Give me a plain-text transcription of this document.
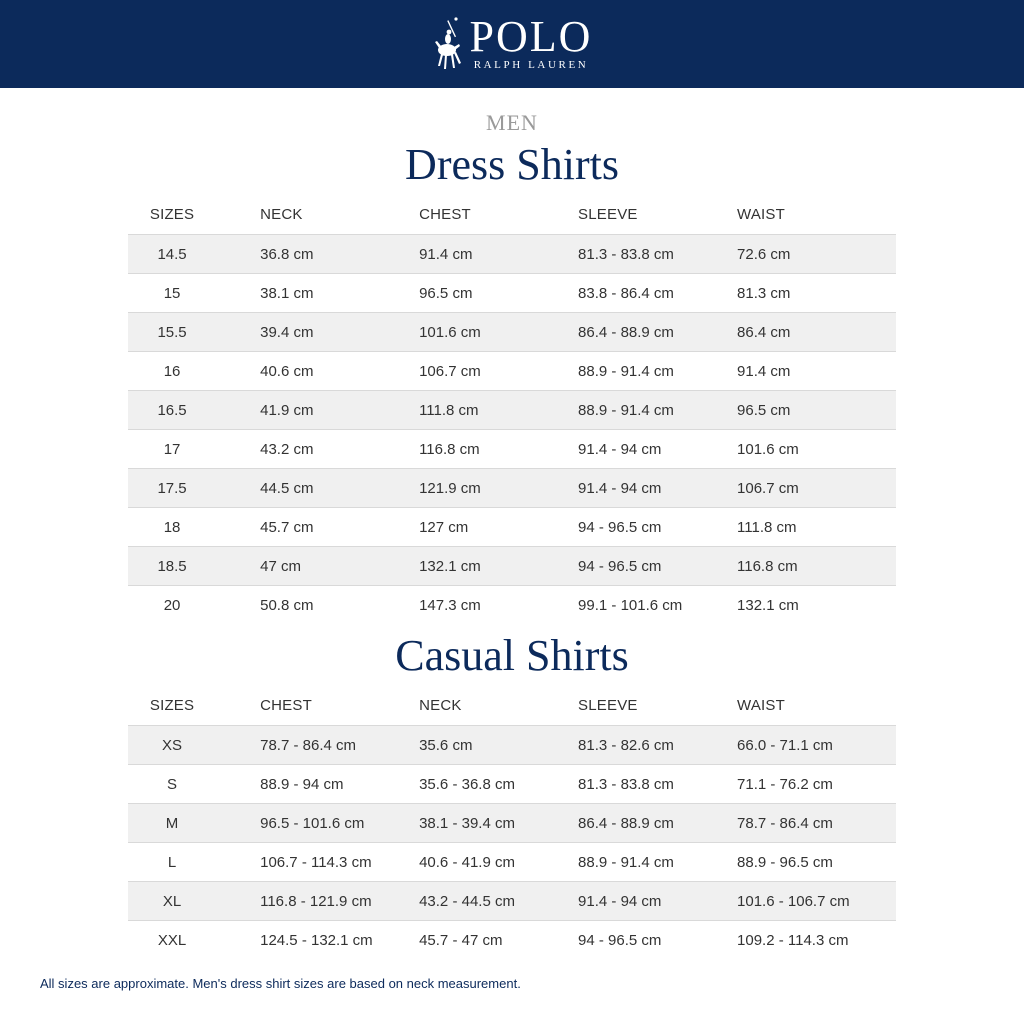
POLO
RALPH LAUREN
MEN
Dress Shirts
SIZES	NECK	CHEST	SLEEVE	WAIST
14.5	36.8 cm	91.4 cm	81.3 - 83.8 cm	72.6 cm
15	38.1 cm	96.5 cm	83.8 - 86.4 cm	81.3 cm
15.5	39.4 cm	101.6 cm	86.4 - 88.9 cm	86.4 cm
16	40.6 cm	106.7 cm	88.9 - 91.4 cm	91.4 cm
16.5	41.9 cm	111.8 cm	88.9 - 91.4 cm	96.5 cm
17	43.2 cm	116.8 cm	91.4 - 94 cm	101.6 cm
17.5	44.5 cm	121.9 cm	91.4 - 94 cm	106.7 cm
18	45.7 cm	127 cm	94 - 96.5 cm	111.8 cm
18.5	47 cm	132.1 cm	94 - 96.5 cm	116.8 cm
20	50.8 cm	147.3 cm	99.1 - 101.6 cm	132.1 cm
Casual Shirts
SIZES	CHEST	NECK	SLEEVE	WAIST
XS	78.7 - 86.4 cm	35.6 cm	81.3 - 82.6 cm	66.0 - 71.1 cm
S	88.9 - 94 cm	35.6 - 36.8 cm	81.3 - 83.8 cm	71.1 - 76.2 cm
M	96.5 - 101.6 cm	38.1 - 39.4 cm	86.4 - 88.9 cm	78.7 - 86.4 cm
L	106.7 - 114.3 cm	40.6 - 41.9 cm	88.9 - 91.4 cm	88.9 - 96.5 cm
XL	116.8 - 121.9 cm	43.2 - 44.5 cm	91.4 - 94 cm	101.6 - 106.7 cm
XXL	124.5 - 132.1 cm	45.7 - 47 cm	94 - 96.5 cm	109.2 - 114.3 cm
All sizes are approximate. Men's dress shirt sizes are based on neck measurement.
